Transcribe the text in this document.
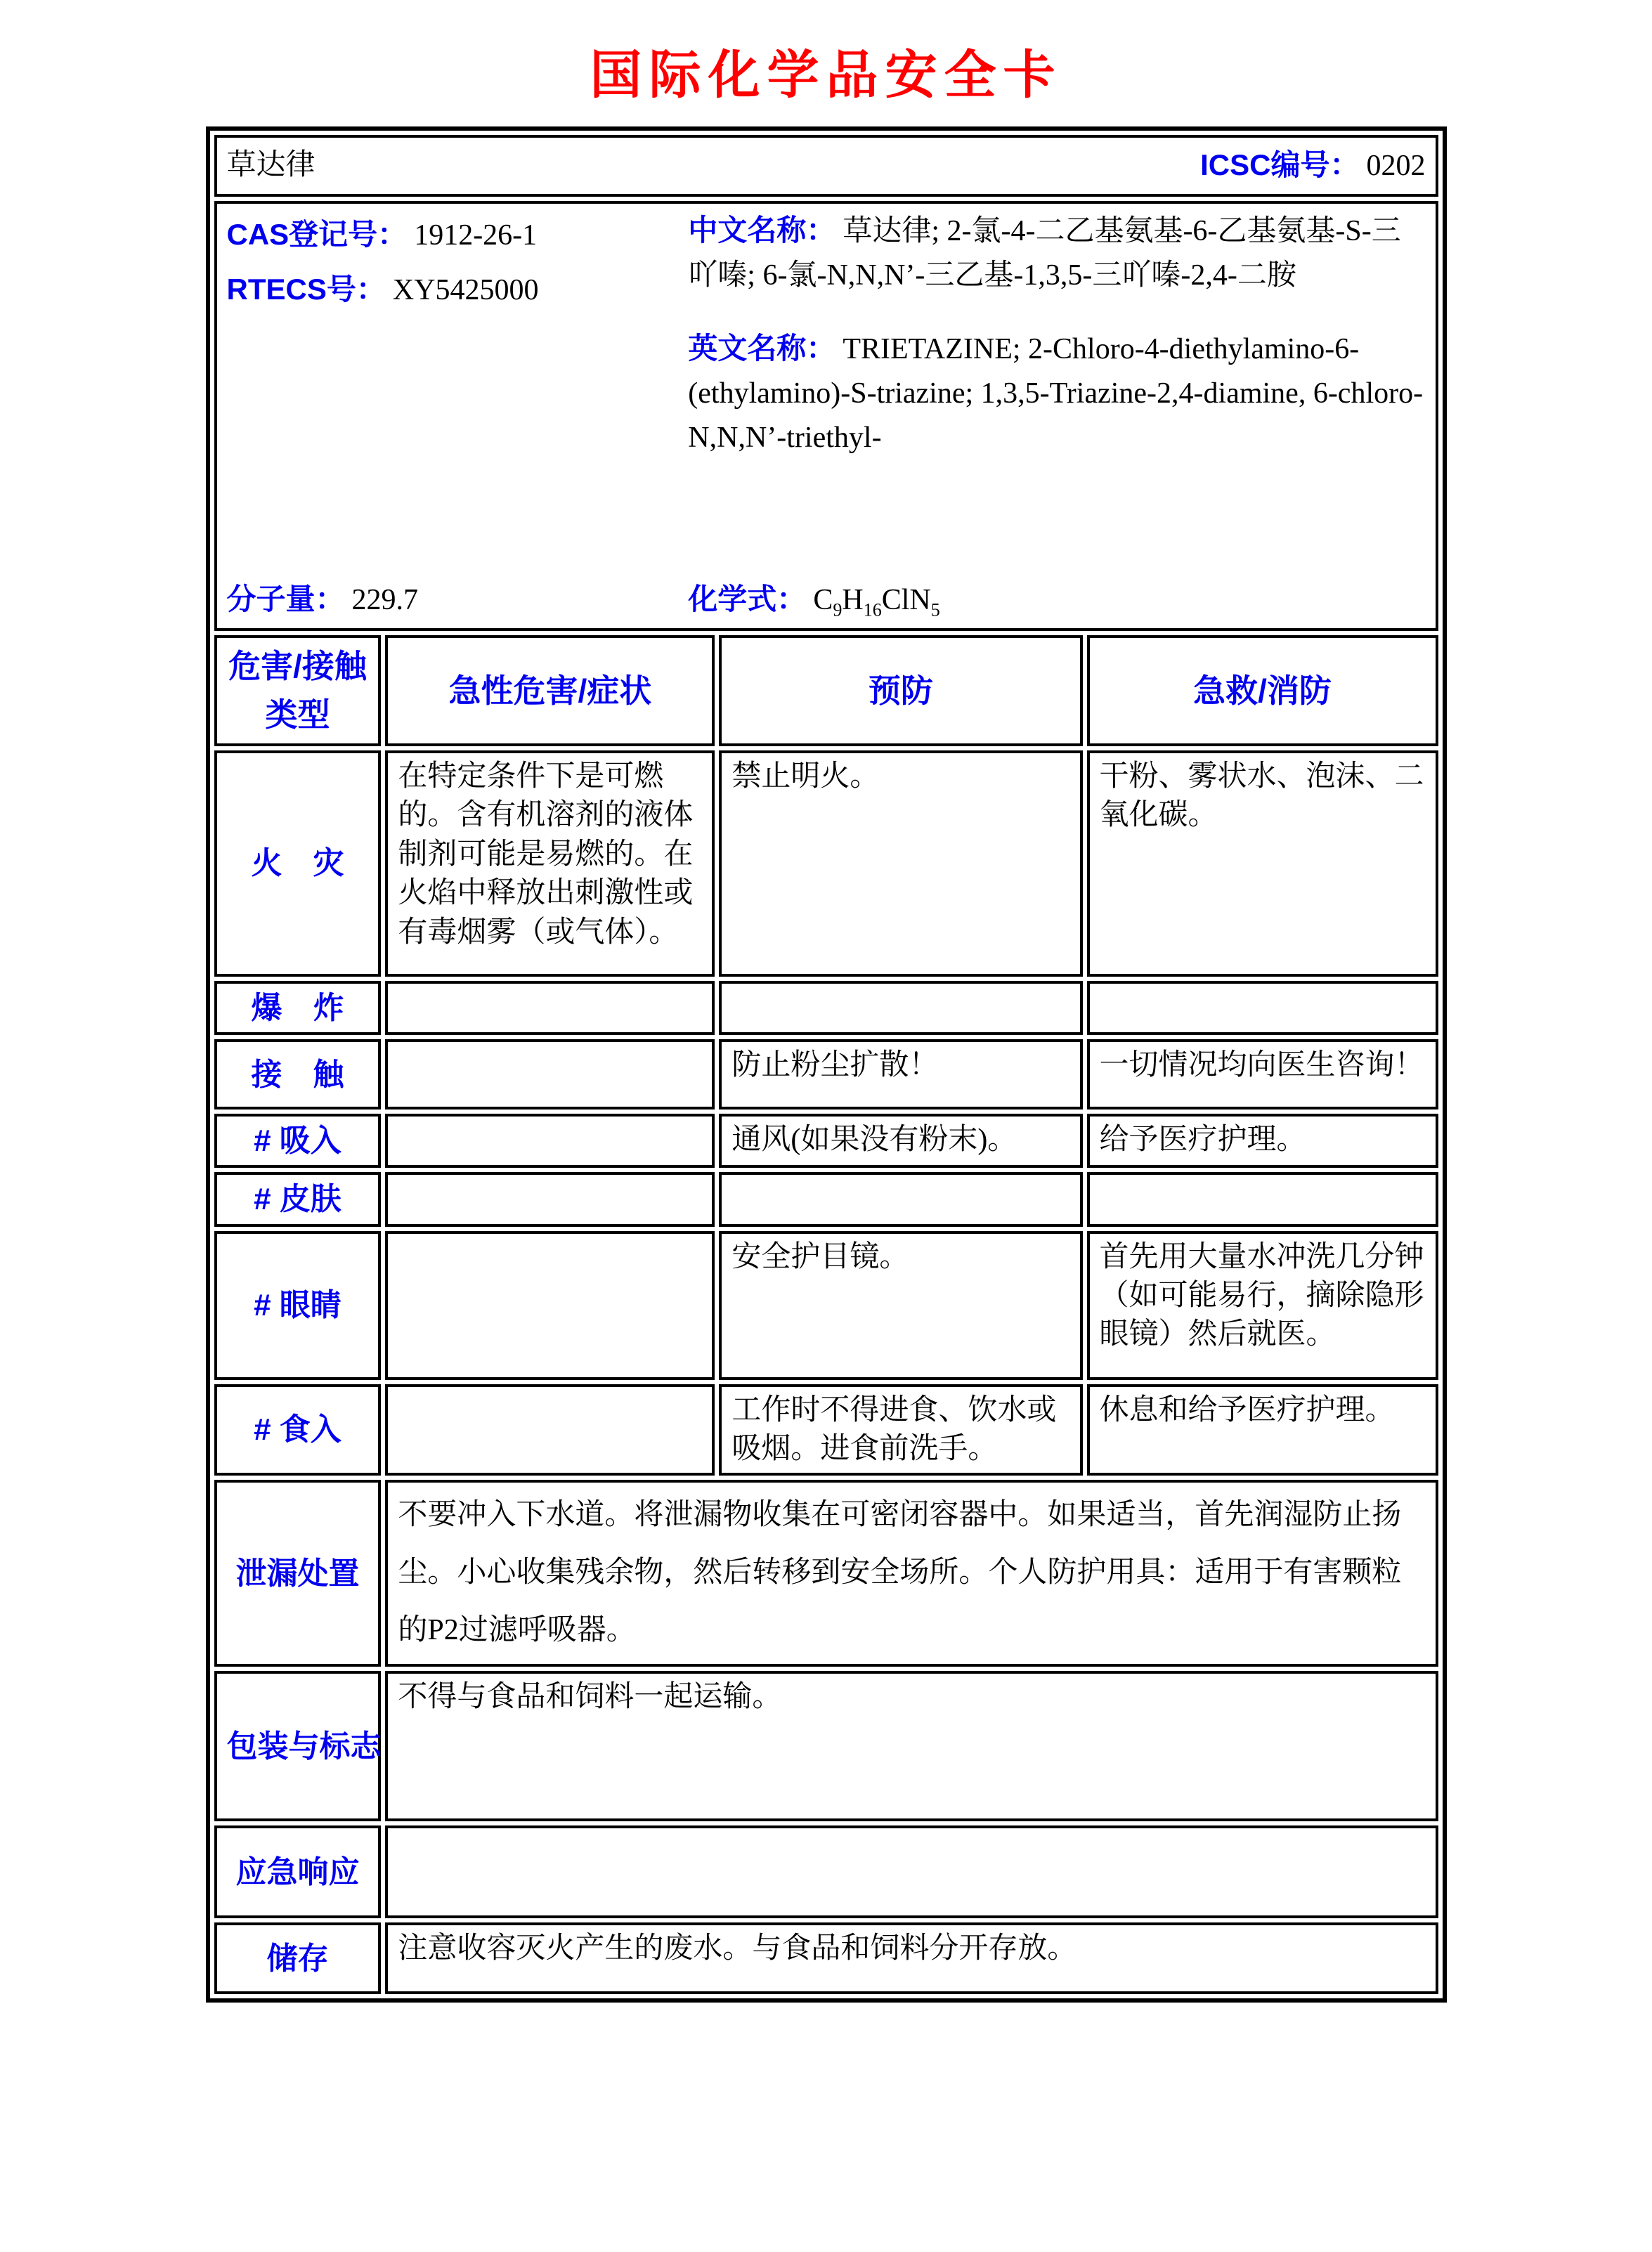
国际化学品安全卡
草达律 ICSC编号： 0202			

CAS登记号： 1912-26-1
RTECS号： XY5425000

中文名称： 草达律; 2-氯-4-二乙基氨基-6-乙基氨基-S-三吖嗪; 6-氯-N,N,N’-三乙基-1,3,5-三吖嗪-2,4-二胺

英文名称： TRIETAZINE; 2-Chloro-4-diethylamino-6-(ethylamino)-S-triazine; 1,3,5-Triazine-2,4-diamine, 6-chloro-N,N,N’-triethyl-

分子量： 229.7	化学式： $C_9H_{16}ClN_5$

危害/接触 类型	急性危害/症状	预防	急救/消防
火　灾	在特定条件下是可燃的。含有机溶剂的液体制剂可能是易燃的。在火焰中释放出刺激性或有毒烟雾（或气体）。	禁止明火。	干粉、雾状水、泡沫、二氧化碳。
爆　炸			
接　触		防止粉尘扩散！	一切情况均向医生咨询！
# 吸入		通风(如果没有粉末)。	给予医疗护理。
# 皮肤			
# 眼睛		安全护目镜。	首先用大量水冲洗几分钟（如可能易行，摘除隐形眼镜）然后就医。
# 食入		工作时不得进食、饮水或吸烟。进食前洗手。	休息和给予医疗护理。
泄漏处置	不要冲入下水道。将泄漏物收集在可密闭容器中。如果适当，首先润湿防止扬尘。小心收集残余物，然后转移到安全场所。个人防护用具：适用于有害颗粒的P2过滤呼吸器。		
包装与标志	不得与食品和饲料一起运输。		
应急响应			
储存	注意收容灭火产生的废水。与食品和饲料分开存放。		
